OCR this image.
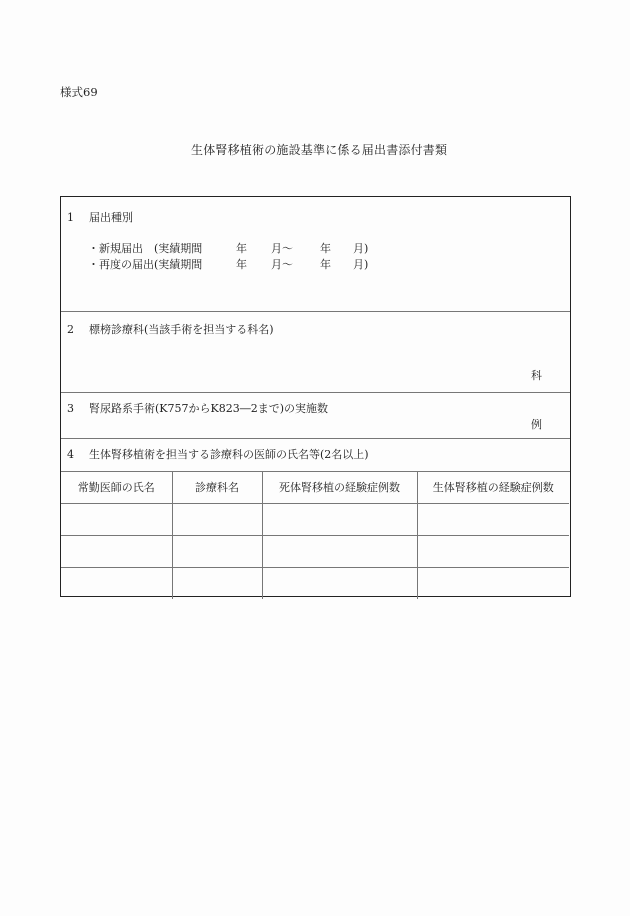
様式69
生体腎移植術の施設基準に係る届出書添付書類
1 届出種別
・新規届出　(実績期間	年 月～ 年 月)
・再度の届出(実績期間	年 月～ 年 月)
2 標榜診療科(当該手術を担当する科名)
科
3 腎尿路系手術(K757からK823―2まで)の実施数
例
4 生体腎移植術を担当する診療科の医師の氏名等(2名以上)
常勤医師の氏名	診療科名	死体腎移植の経験症例数	生体腎移植の経験症例数
